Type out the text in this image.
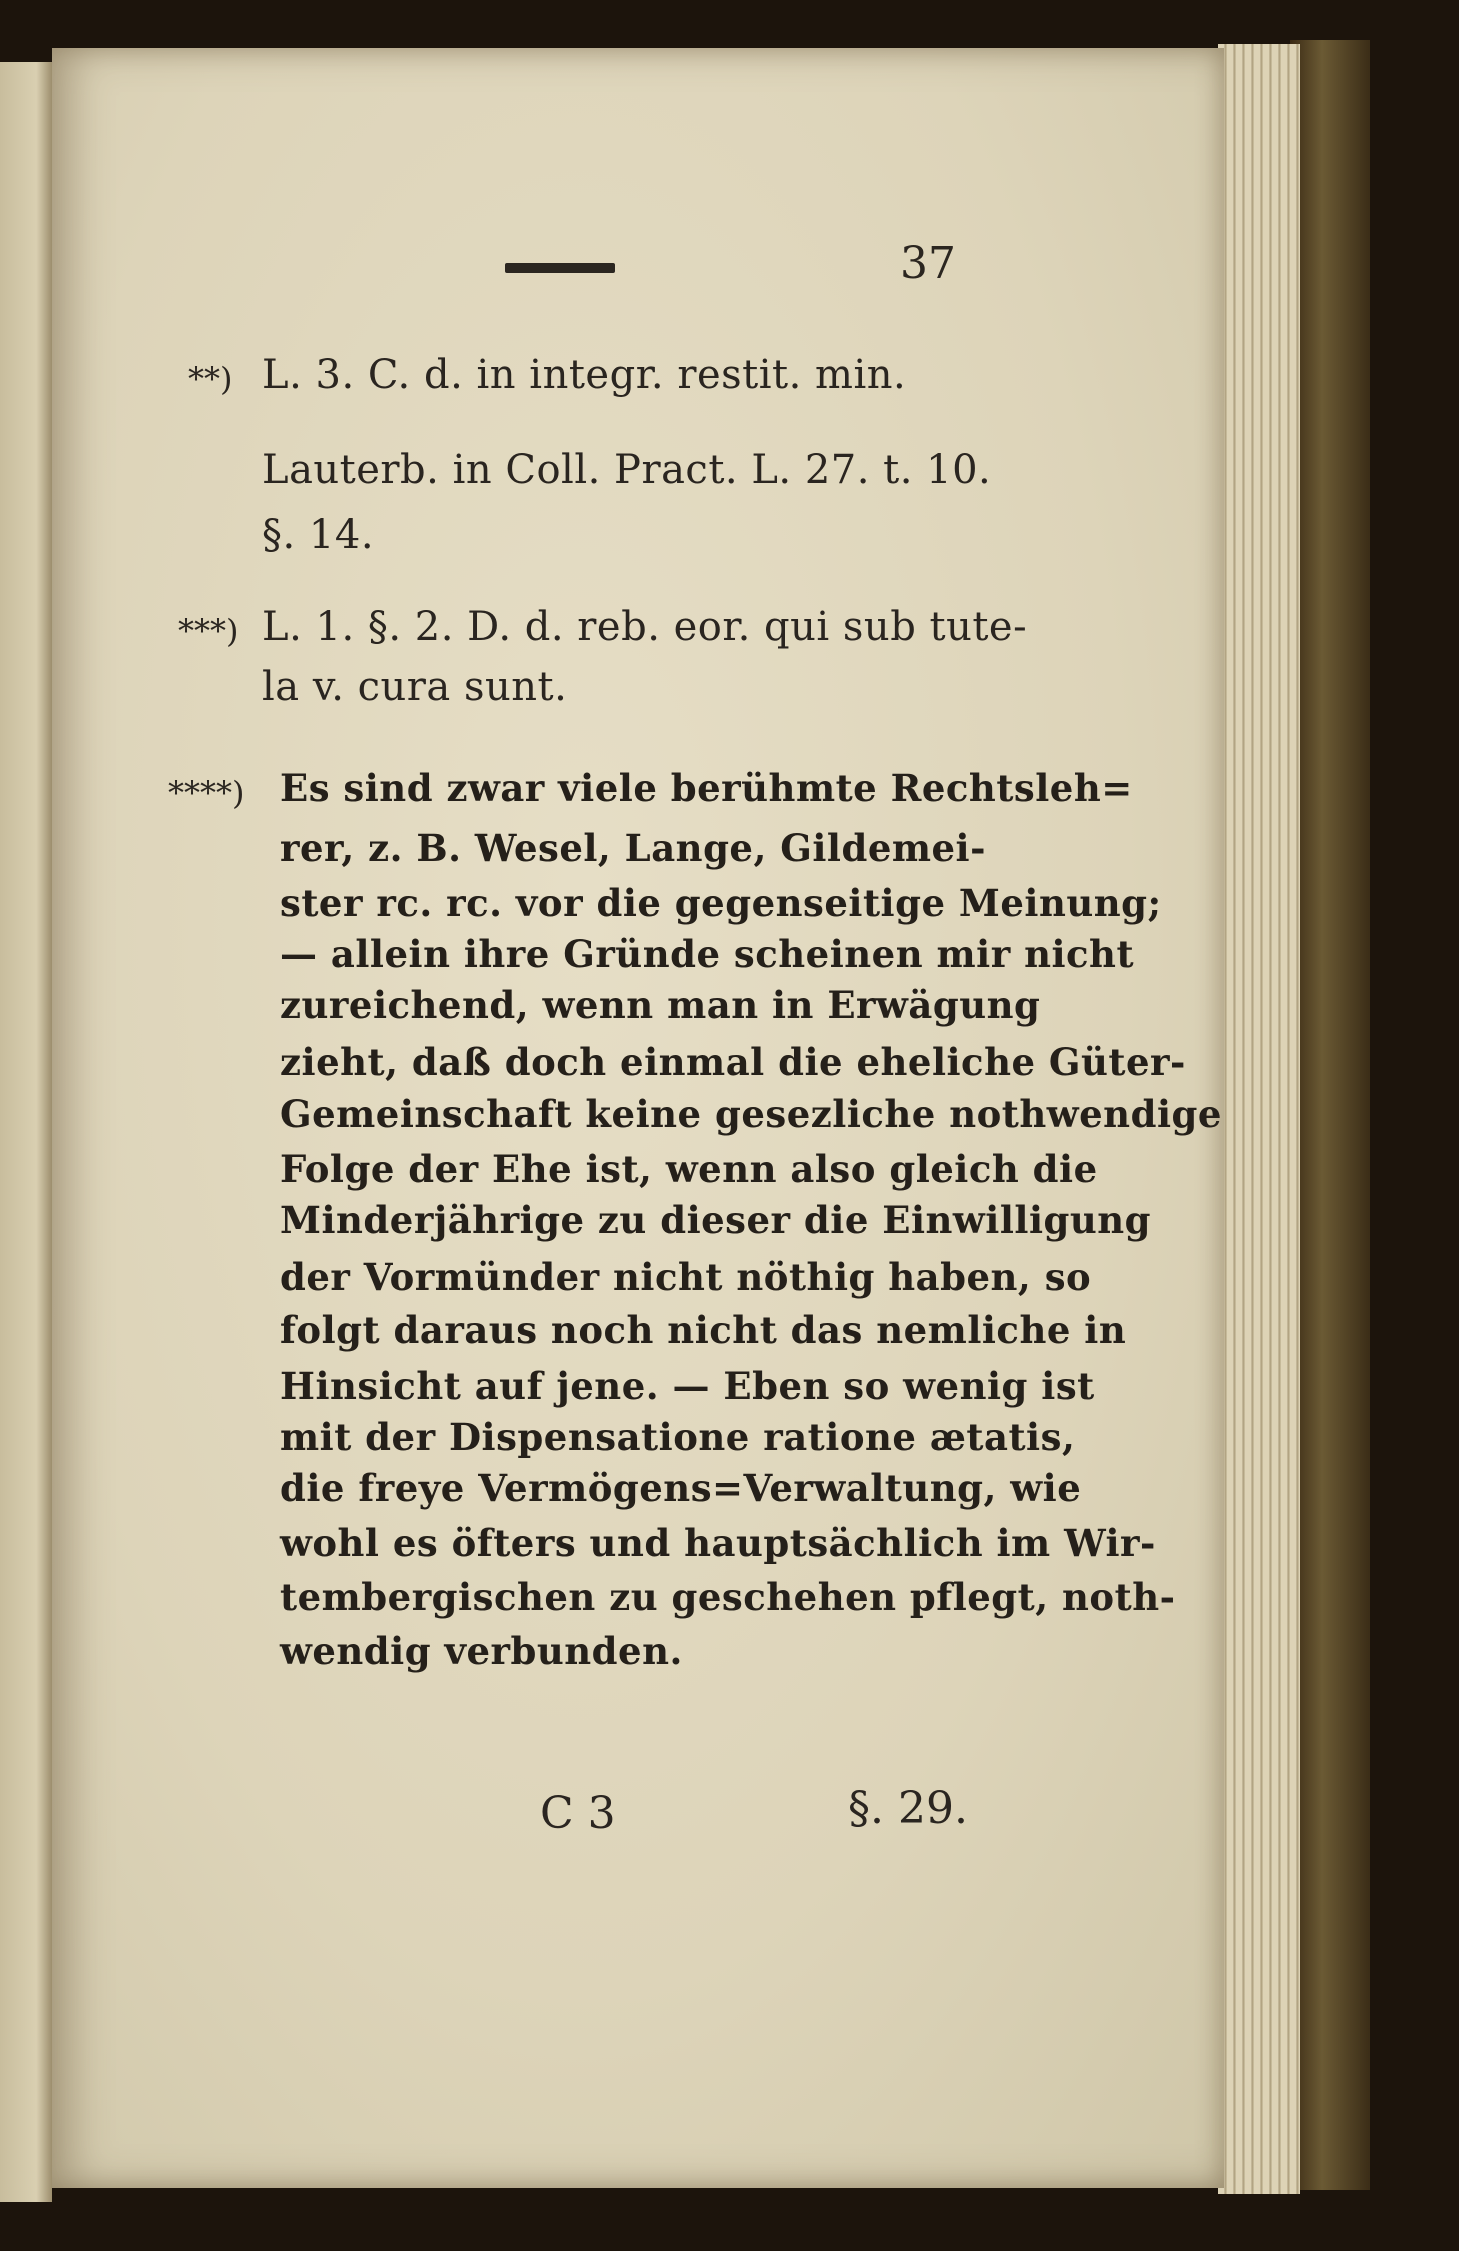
37
**) L. 3. C. d. in integr. restit. min.
Lauterb. in Coll. Pract. L. 27. t. 10.
§. 14.
***) L. 1. §. 2. D. d. reb. eor. qui sub tute-
la v. cura sunt.
****) Es sind zwar viele berühmte Rechtsleh=
rer, z. B. Wesel, Lange, Gildemei-
ster rc. rc. vor die gegenseitige Meinung;
— allein ihre Gründe scheinen mir nicht
zureichend, wenn man in Erwägung
zieht, daß doch einmal die eheliche Güter-
Gemeinschaft keine gesezliche nothwendige
Folge der Ehe ist, wenn also gleich die
Minderjährige zu dieser die Einwilligung
der Vormünder nicht nöthig haben, so
folgt daraus noch nicht das nemliche in
Hinsicht auf jene. — Eben so wenig ist
mit der Dispensatione ratione ætatis,
die freye Vermögens=Verwaltung, wie
wohl es öfters und hauptsächlich im Wir-
tembergischen zu geschehen pflegt, noth-
wendig verbunden.
C 3	§. 29.
